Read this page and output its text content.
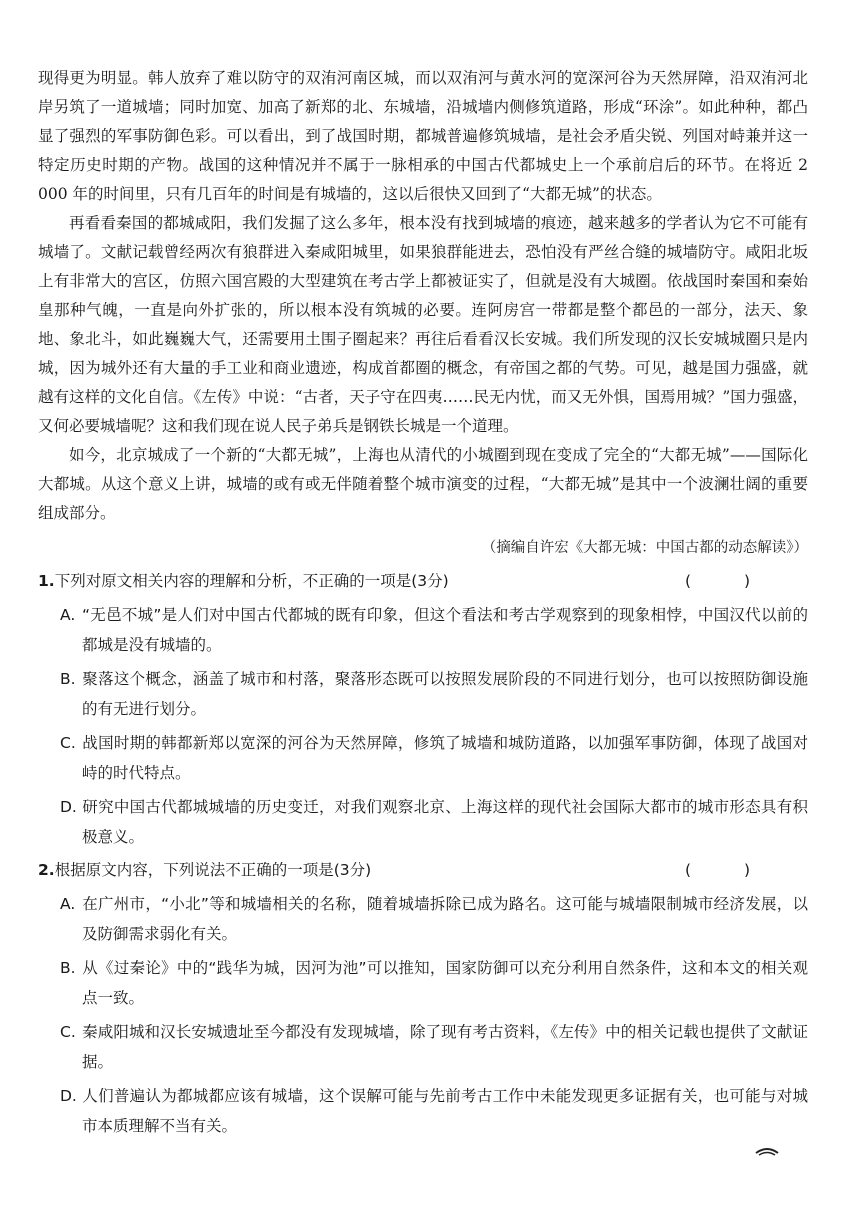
现得更为明显。韩人放弃了难以防守的双洧河南区城，而以双洧河与黄水河的宽深河谷为天然屏障，沿双洧河北岸另筑了一道城墙；同时加宽、加高了新郑的北、东城墙，沿城墙内侧修筑道路，形成“环涂”。如此种种，都凸显了强烈的军事防御色彩。可以看出，到了战国时期，都城普遍修筑城墙，是社会矛盾尖锐、列国对峙兼并这一特定历史时期的产物。战国的这种情况并不属于一脉相承的中国古代都城史上一个承前启后的环节。在将近 2 000 年的时间里，只有几百年的时间是有城墙的，这以后很快又回到了“大都无城”的状态。

再看看秦国的都城咸阳，我们发掘了这么多年，根本没有找到城墙的痕迹，越来越多的学者认为它不可能有城墙了。文献记载曾经两次有狼群进入秦咸阳城里，如果狼群能进去，恐怕没有严丝合缝的城墙防守。咸阳北坂上有非常大的宫区，仿照六国宫殿的大型建筑在考古学上都被证实了，但就是没有大城圈。依战国时秦国和秦始皇那种气魄，一直是向外扩张的，所以根本没有筑城的必要。连阿房宫一带都是整个都邑的一部分，法天、象地、象北斗，如此巍巍大气，还需要用土围子圈起来？再往后看看汉长安城。我们所发现的汉长安城城圈只是内城，因为城外还有大量的手工业和商业遗迹，构成首都圈的概念，有帝国之都的气势。可见，越是国力强盛，就越有这样的文化自信。《左传》中说：“古者，天子守在四夷……民无内忧，而又无外惧，国焉用城？”国力强盛，又何必要城墙呢？这和我们现在说人民子弟兵是钢铁长城是一个道理。

如今，北京城成了一个新的“大都无城”，上海也从清代的小城圈到现在变成了完全的“大都无城”——国际化大都城。从这个意义上讲，城墙的或有或无伴随着整个城市演变的过程，“大都无城”是其中一个波澜壮阔的重要组成部分。

（摘编自许宏《大都无城：中国古都的动态解读》）

1.下列对原文相关内容的理解和分析，不正确的一项是(3分)	( )
A. “无邑不城”是人们对中国古代都城的既有印象，但这个看法和考古学观察到的现象相悖，中国汉代以前的都城是没有城墙的。
B. 聚落这个概念，涵盖了城市和村落，聚落形态既可以按照发展阶段的不同进行划分，也可以按照防御设施的有无进行划分。
C. 战国时期的韩都新郑以宽深的河谷为天然屏障，修筑了城墙和城防道路，以加强军事防御，体现了战国对峙的时代特点。
D. 研究中国古代都城城墙的历史变迁，对我们观察北京、上海这样的现代社会国际大都市的城市形态具有积极意义。
2.根据原文内容，下列说法不正确的一项是(3分)	( )
A. 在广州市，“小北”等和城墙相关的名称，随着城墙拆除已成为路名。这可能与城墙限制城市经济发展，以及防御需求弱化有关。
B. 从《过秦论》中的“践华为城，因河为池”可以推知，国家防御可以充分利用自然条件，这和本文的相关观点一致。
C. 秦咸阳城和汉长安城遗址至今都没有发现城墙，除了现有考古资料，《左传》中的相关记载也提供了文献证据。
D. 人们普遍认为都城都应该有城墙，这个误解可能与先前考古工作中未能发现更多证据有关，也可能与对城市本质理解不当有关。
